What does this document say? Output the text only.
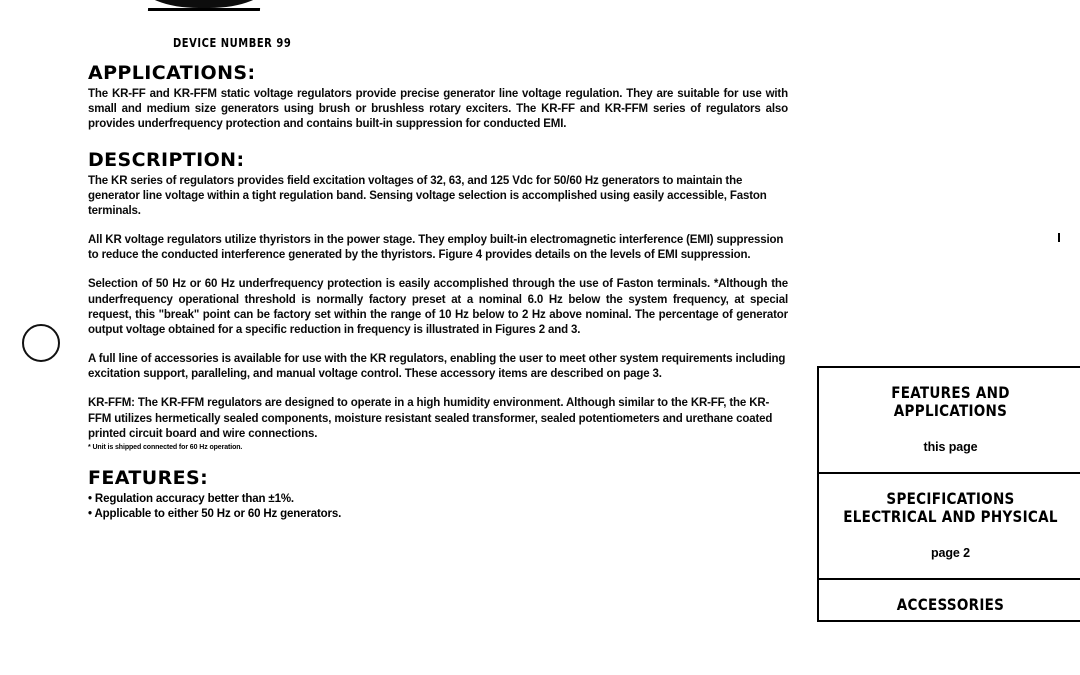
DEVICE NUMBER 99
APPLICATIONS:

The KR-FF and KR-FFM static voltage regulators provide precise generator line voltage regulation. They are suitable for use with small and medium size generators using brush or brushless rotary exciters. The KR-FF and KR-FFM series of regulators also provides underfrequency protection and contains built-in suppression for conducted EMI.

DESCRIPTION:

The KR series of regulators provides field excitation voltages of 32, 63, and 125 Vdc for 50/60 Hz generators to maintain the generator line voltage within a tight regulation band. Sensing voltage selection is accomplished using easily accessible, Faston terminals.

All KR voltage regulators utilize thyristors in the power stage. They employ built-in electromagnetic interference (EMI) suppression to reduce the conducted interference generated by the thyristors. Figure 4 provides details on the levels of EMI suppression.

Selection of 50 Hz or 60 Hz underfrequency protection is easily accomplished through the use of Faston terminals. *Although the underfrequency operational threshold is normally factory preset at a nominal 6.0 Hz below the system frequency, at special request, this "break" point can be factory set within the range of 10 Hz below to 2 Hz above nominal. The percentage of generator output voltage obtained for a specific reduction in frequency is illustrated in Figures 2 and 3.

A full line of accessories is available for use with the KR regulators, enabling the user to meet other system requirements including excitation support, paralleling, and manual voltage control. These accessory items are described on page 3.

KR-FFM: The KR-FFM regulators are designed to operate in a high humidity environment. Although similar to the KR-FF, the KR-FFM utilizes hermetically sealed components, moisture resistant sealed transformer, sealed potentiometers and urethane coated printed circuit board and wire connections.

* Unit is shipped connected for 60 Hz operation.

FEATURES:
• Regulation accuracy better than ±1%.
• Applicable to either 50 Hz or 60 Hz generators.
FEATURES AND
APPLICATIONS
this page
SPECIFICATIONS
ELECTRICAL AND PHYSICAL
page 2
ACCESSORIES
